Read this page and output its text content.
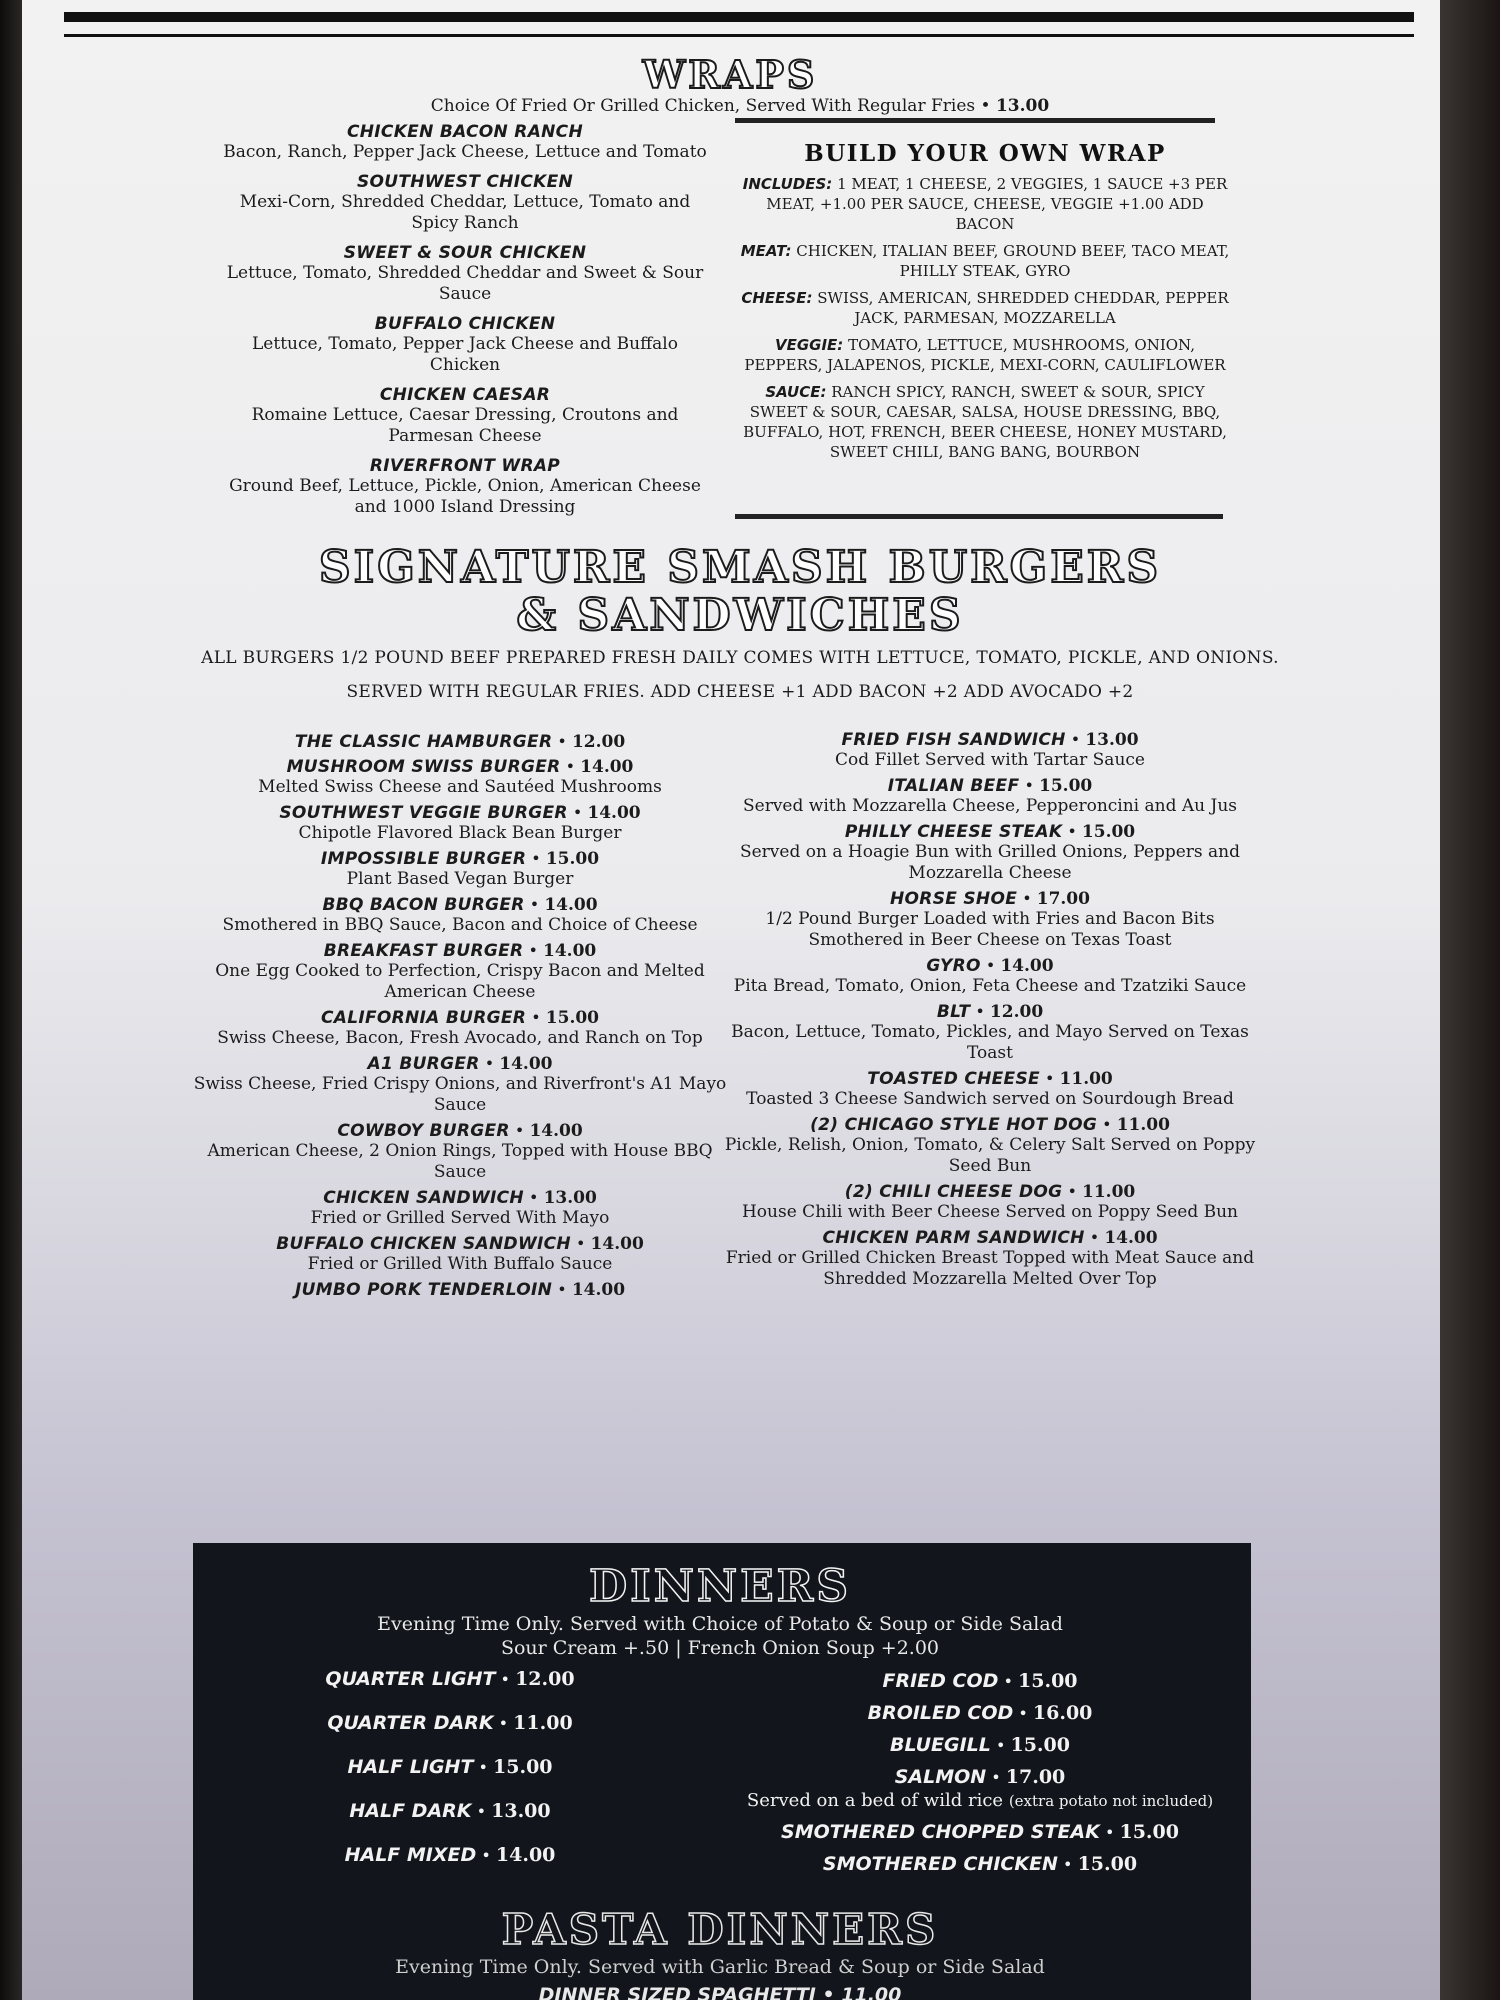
WRAPS
Choice Of Fried Or Grilled Chicken, Served With Regular Fries • 13.00
CHICKEN BACON RANCH
Bacon, Ranch, Pepper Jack Cheese, Lettuce and Tomato
SOUTHWEST CHICKEN
Mexi-Corn, Shredded Cheddar, Lettuce, Tomato and Spicy Ranch
SWEET & SOUR CHICKEN
Lettuce, Tomato, Shredded Cheddar and Sweet & Sour Sauce
BUFFALO CHICKEN
Lettuce, Tomato, Pepper Jack Cheese and Buffalo Chicken
CHICKEN CAESAR
Romaine Lettuce, Caesar Dressing, Croutons and Parmesan Cheese
RIVERFRONT WRAP
Ground Beef, Lettuce, Pickle, Onion, American Cheese and 1000 Island Dressing
BUILD YOUR OWN WRAP
INCLUDES: 1 MEAT, 1 CHEESE, 2 VEGGIES, 1 SAUCE +3 PER MEAT, +1.00 PER SAUCE, CHEESE, VEGGIE +1.00 ADD BACON
MEAT: CHICKEN, ITALIAN BEEF, GROUND BEEF, TACO MEAT, PHILLY STEAK, GYRO
CHEESE: SWISS, AMERICAN, SHREDDED CHEDDAR, PEPPER JACK, PARMESAN, MOZZARELLA
VEGGIE: TOMATO, LETTUCE, MUSHROOMS, ONION, PEPPERS, JALAPENOS, PICKLE, MEXI-CORN, CAULIFLOWER
SAUCE: RANCH SPICY, RANCH, SWEET & SOUR, SPICY SWEET & SOUR, CAESAR, SALSA, HOUSE DRESSING, BBQ, BUFFALO, HOT, FRENCH, BEER CHEESE, HONEY MUSTARD, SWEET CHILI, BANG BANG, BOURBON
SIGNATURE SMASH BURGERS
& SANDWICHES
ALL BURGERS 1/2 POUND BEEF PREPARED FRESH DAILY COMES WITH LETTUCE, TOMATO, PICKLE, AND ONIONS.
SERVED WITH REGULAR FRIES. ADD CHEESE +1 ADD BACON +2 ADD AVOCADO +2
THE CLASSIC HAMBURGER • 12.00
MUSHROOM SWISS BURGER • 14.00
Melted Swiss Cheese and Sautéed Mushrooms
SOUTHWEST VEGGIE BURGER • 14.00
Chipotle Flavored Black Bean Burger
IMPOSSIBLE BURGER • 15.00
Plant Based Vegan Burger
BBQ BACON BURGER • 14.00
Smothered in BBQ Sauce, Bacon and Choice of Cheese
BREAKFAST BURGER • 14.00
One Egg Cooked to Perfection, Crispy Bacon and Melted American Cheese
CALIFORNIA BURGER • 15.00
Swiss Cheese, Bacon, Fresh Avocado, and Ranch on Top
A1 BURGER • 14.00
Swiss Cheese, Fried Crispy Onions, and Riverfront's A1 Mayo Sauce
COWBOY BURGER • 14.00
American Cheese, 2 Onion Rings, Topped with House BBQ Sauce
CHICKEN SANDWICH • 13.00
Fried or Grilled Served With Mayo
BUFFALO CHICKEN SANDWICH • 14.00
Fried or Grilled With Buffalo Sauce
JUMBO PORK TENDERLOIN • 14.00
FRIED FISH SANDWICH • 13.00
Cod Fillet Served with Tartar Sauce
ITALIAN BEEF • 15.00
Served with Mozzarella Cheese, Pepperoncini and Au Jus
PHILLY CHEESE STEAK • 15.00
Served on a Hoagie Bun with Grilled Onions, Peppers and Mozzarella Cheese
HORSE SHOE • 17.00
1/2 Pound Burger Loaded with Fries and Bacon Bits Smothered in Beer Cheese on Texas Toast
GYRO • 14.00
Pita Bread, Tomato, Onion, Feta Cheese and Tzatziki Sauce
BLT • 12.00
Bacon, Lettuce, Tomato, Pickles, and Mayo Served on Texas Toast
TOASTED CHEESE • 11.00
Toasted 3 Cheese Sandwich served on Sourdough Bread
(2) CHICAGO STYLE HOT DOG • 11.00
Pickle, Relish, Onion, Tomato, & Celery Salt Served on Poppy Seed Bun
(2) CHILI CHEESE DOG • 11.00
House Chili with Beer Cheese Served on Poppy Seed Bun
CHICKEN PARM SANDWICH • 14.00
Fried or Grilled Chicken Breast Topped with Meat Sauce and Shredded Mozzarella Melted Over Top
DINNERS
Evening Time Only. Served with Choice of Potato & Soup or Side Salad
Sour Cream +.50 | French Onion Soup +2.00
QUARTER LIGHT • 12.00
QUARTER DARK • 11.00
HALF LIGHT • 15.00
HALF DARK • 13.00
HALF MIXED • 14.00
FRIED COD • 15.00
BROILED COD • 16.00
BLUEGILL • 15.00
SALMON • 17.00
Served on a bed of wild rice (extra potato not included)
SMOTHERED CHOPPED STEAK • 15.00
SMOTHERED CHICKEN • 15.00
PASTA DINNERS
Evening Time Only. Served with Garlic Bread & Soup or Side Salad
DINNER SIZED SPAGHETTI • 11.00
